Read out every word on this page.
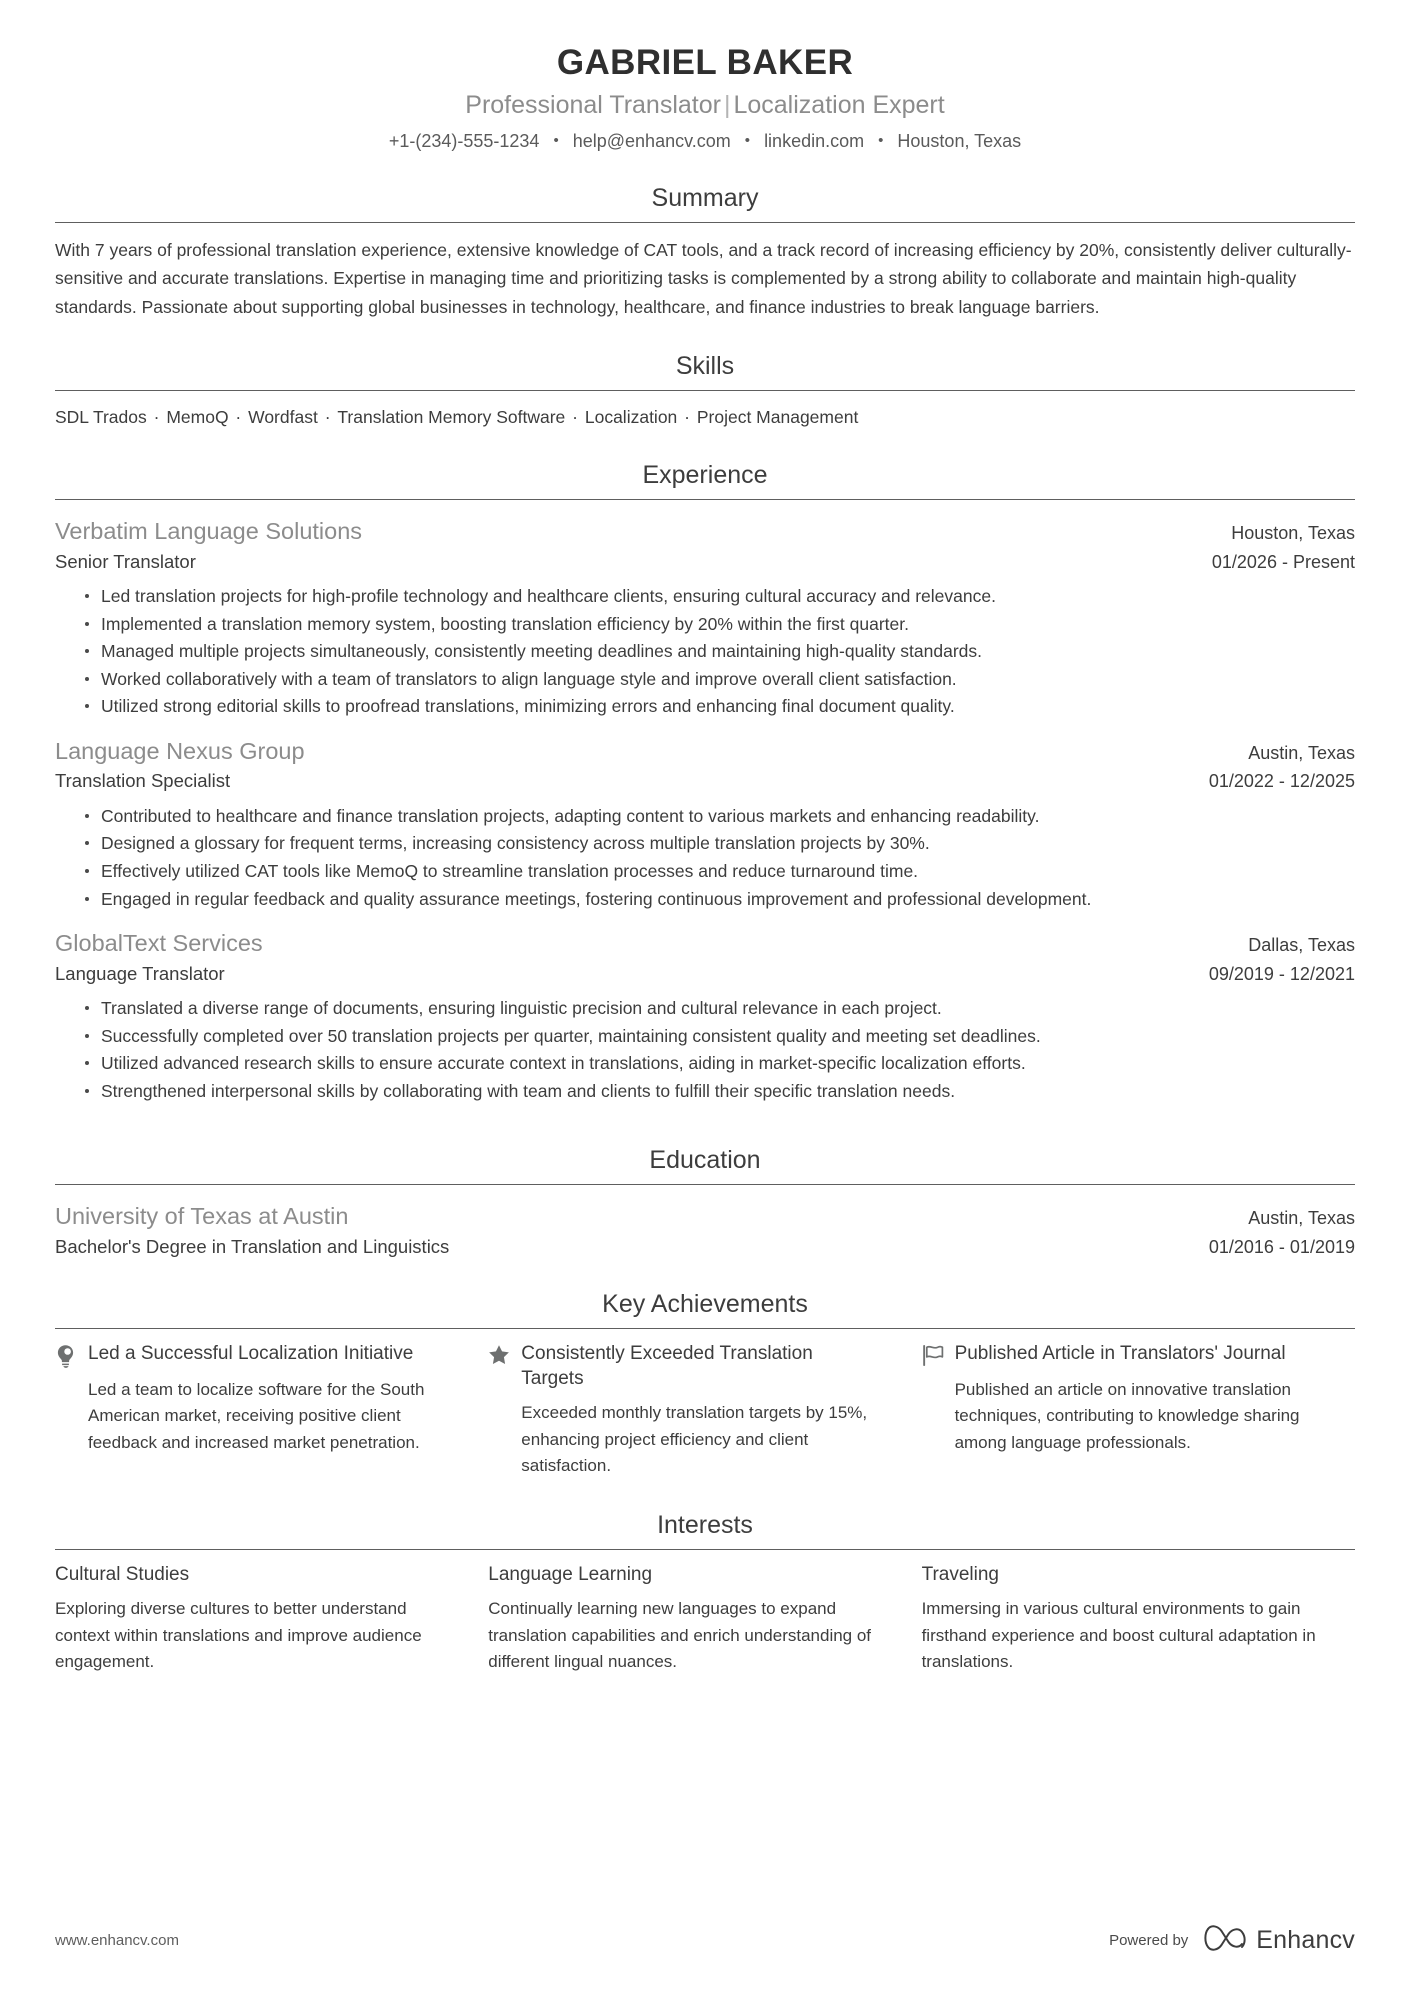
GABRIEL BAKER
Professional Translator | Localization Expert
+1-(234)-555-1234 • help@enhancv.com • linkedin.com • Houston, Texas
Summary
With 7 years of professional translation experience, extensive knowledge of CAT tools, and a track record of increasing efficiency by 20%, consistently deliver culturally-sensitive and accurate translations. Expertise in managing time and prioritizing tasks is complemented by a strong ability to collaborate and maintain high-quality standards. Passionate about supporting global businesses in technology, healthcare, and finance industries to break language barriers.
Skills
SDL Trados · MemoQ · Wordfast · Translation Memory Software · Localization · Project Management
Experience
Verbatim Language Solutions	Houston, Texas
Senior Translator	01/2026 - Present
Led translation projects for high-profile technology and healthcare clients, ensuring cultural accuracy and relevance.
Implemented a translation memory system, boosting translation efficiency by 20% within the first quarter.
Managed multiple projects simultaneously, consistently meeting deadlines and maintaining high-quality standards.
Worked collaboratively with a team of translators to align language style and improve overall client satisfaction.
Utilized strong editorial skills to proofread translations, minimizing errors and enhancing final document quality.
Language Nexus Group	Austin, Texas
Translation Specialist	01/2022 - 12/2025
Contributed to healthcare and finance translation projects, adapting content to various markets and enhancing readability.
Designed a glossary for frequent terms, increasing consistency across multiple translation projects by 30%.
Effectively utilized CAT tools like MemoQ to streamline translation processes and reduce turnaround time.
Engaged in regular feedback and quality assurance meetings, fostering continuous improvement and professional development.
GlobalText Services	Dallas, Texas
Language Translator	09/2019 - 12/2021
Translated a diverse range of documents, ensuring linguistic precision and cultural relevance in each project.
Successfully completed over 50 translation projects per quarter, maintaining consistent quality and meeting set deadlines.
Utilized advanced research skills to ensure accurate context in translations, aiding in market-specific localization efforts.
Strengthened interpersonal skills by collaborating with team and clients to fulfill their specific translation needs.
Education
University of Texas at Austin	Austin, Texas
Bachelor's Degree in Translation and Linguistics	01/2016 - 01/2019
Key Achievements
Led a Successful Localization Initiative
Led a team to localize software for the South American market, receiving positive client feedback and increased market penetration.
Consistently Exceeded Translation Targets
Exceeded monthly translation targets by 15%, enhancing project efficiency and client satisfaction.
Published Article in Translators' Journal
Published an article on innovative translation techniques, contributing to knowledge sharing among language professionals.
Interests
Cultural Studies
Exploring diverse cultures to better understand context within translations and improve audience engagement.
Language Learning
Continually learning new languages to expand translation capabilities and enrich understanding of different lingual nuances.
Traveling
Immersing in various cultural environments to gain firsthand experience and boost cultural adaptation in translations.
www.enhancv.com	Powered by	Enhancv
